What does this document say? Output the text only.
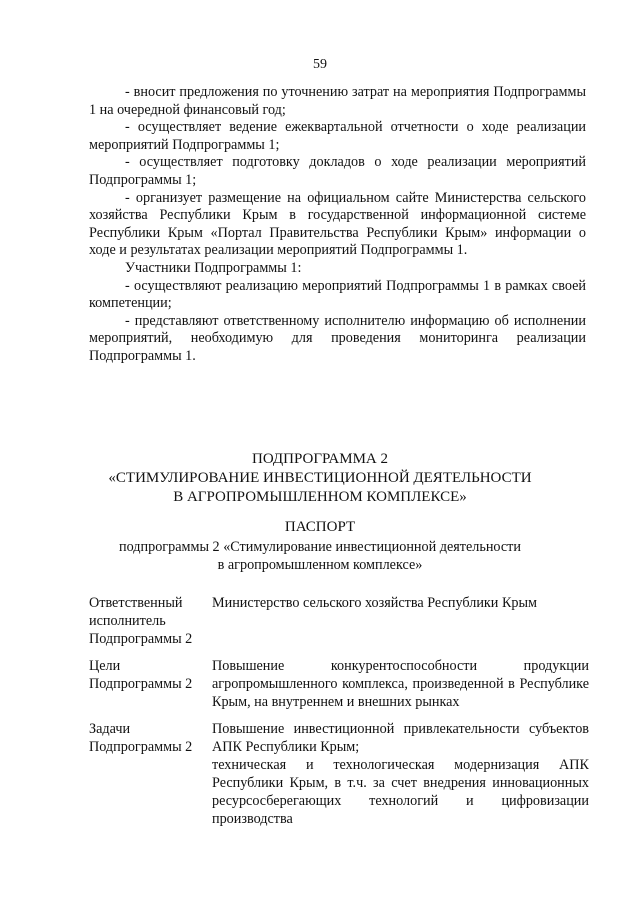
59

- вносит предложения по уточнению затрат на мероприятия Подпрограммы 1 на очередной финансовый год;

- осуществляет ведение ежеквартальной отчетности о ходе реализации мероприятий Подпрограммы 1;

- осуществляет подготовку докладов о ходе реализации мероприятий Подпрограммы 1;

- организует размещение на официальном сайте Министерства сельского хозяйства Республики Крым в государственной информационной системе Республики Крым «Портал Правительства Республики Крым» информации о ходе и результатах реализации мероприятий Подпрограммы 1.

Участники Подпрограммы 1:

- осуществляют реализацию мероприятий Подпрограммы 1 в рамках своей компетенции;

- представляют ответственному исполнителю информацию об исполнении мероприятий, необходимую для проведения мониторинга реализации Подпрограммы 1.

ПОДПРОГРАММА 2
«СТИМУЛИРОВАНИЕ ИНВЕСТИЦИОННОЙ ДЕЯТЕЛЬНОСТИ
В АГРОПРОМЫШЛЕННОМ КОМПЛЕКСЕ»
ПАСПОРТ
подпрограммы 2 «Стимулирование инвестиционной деятельности
в агропромышленном комплексе»
Ответственный
исполнитель
Подпрограммы 2

Министерство сельского хозяйства Республики Крым

Цели
Подпрограммы 2

Повышение конкурентоспособности продукции агропромышленного комплекса, произведенной в Республике Крым, на внутреннем и внешних рынках

Задачи
Подпрограммы 2

Повышение инвестиционной привлекательности субъектов АПК Республики Крым;

техническая и технологическая модернизация АПК Республики Крым, в т.ч. за счет внедрения инновационных ресурсосберегающих технологий и цифровизации производства
